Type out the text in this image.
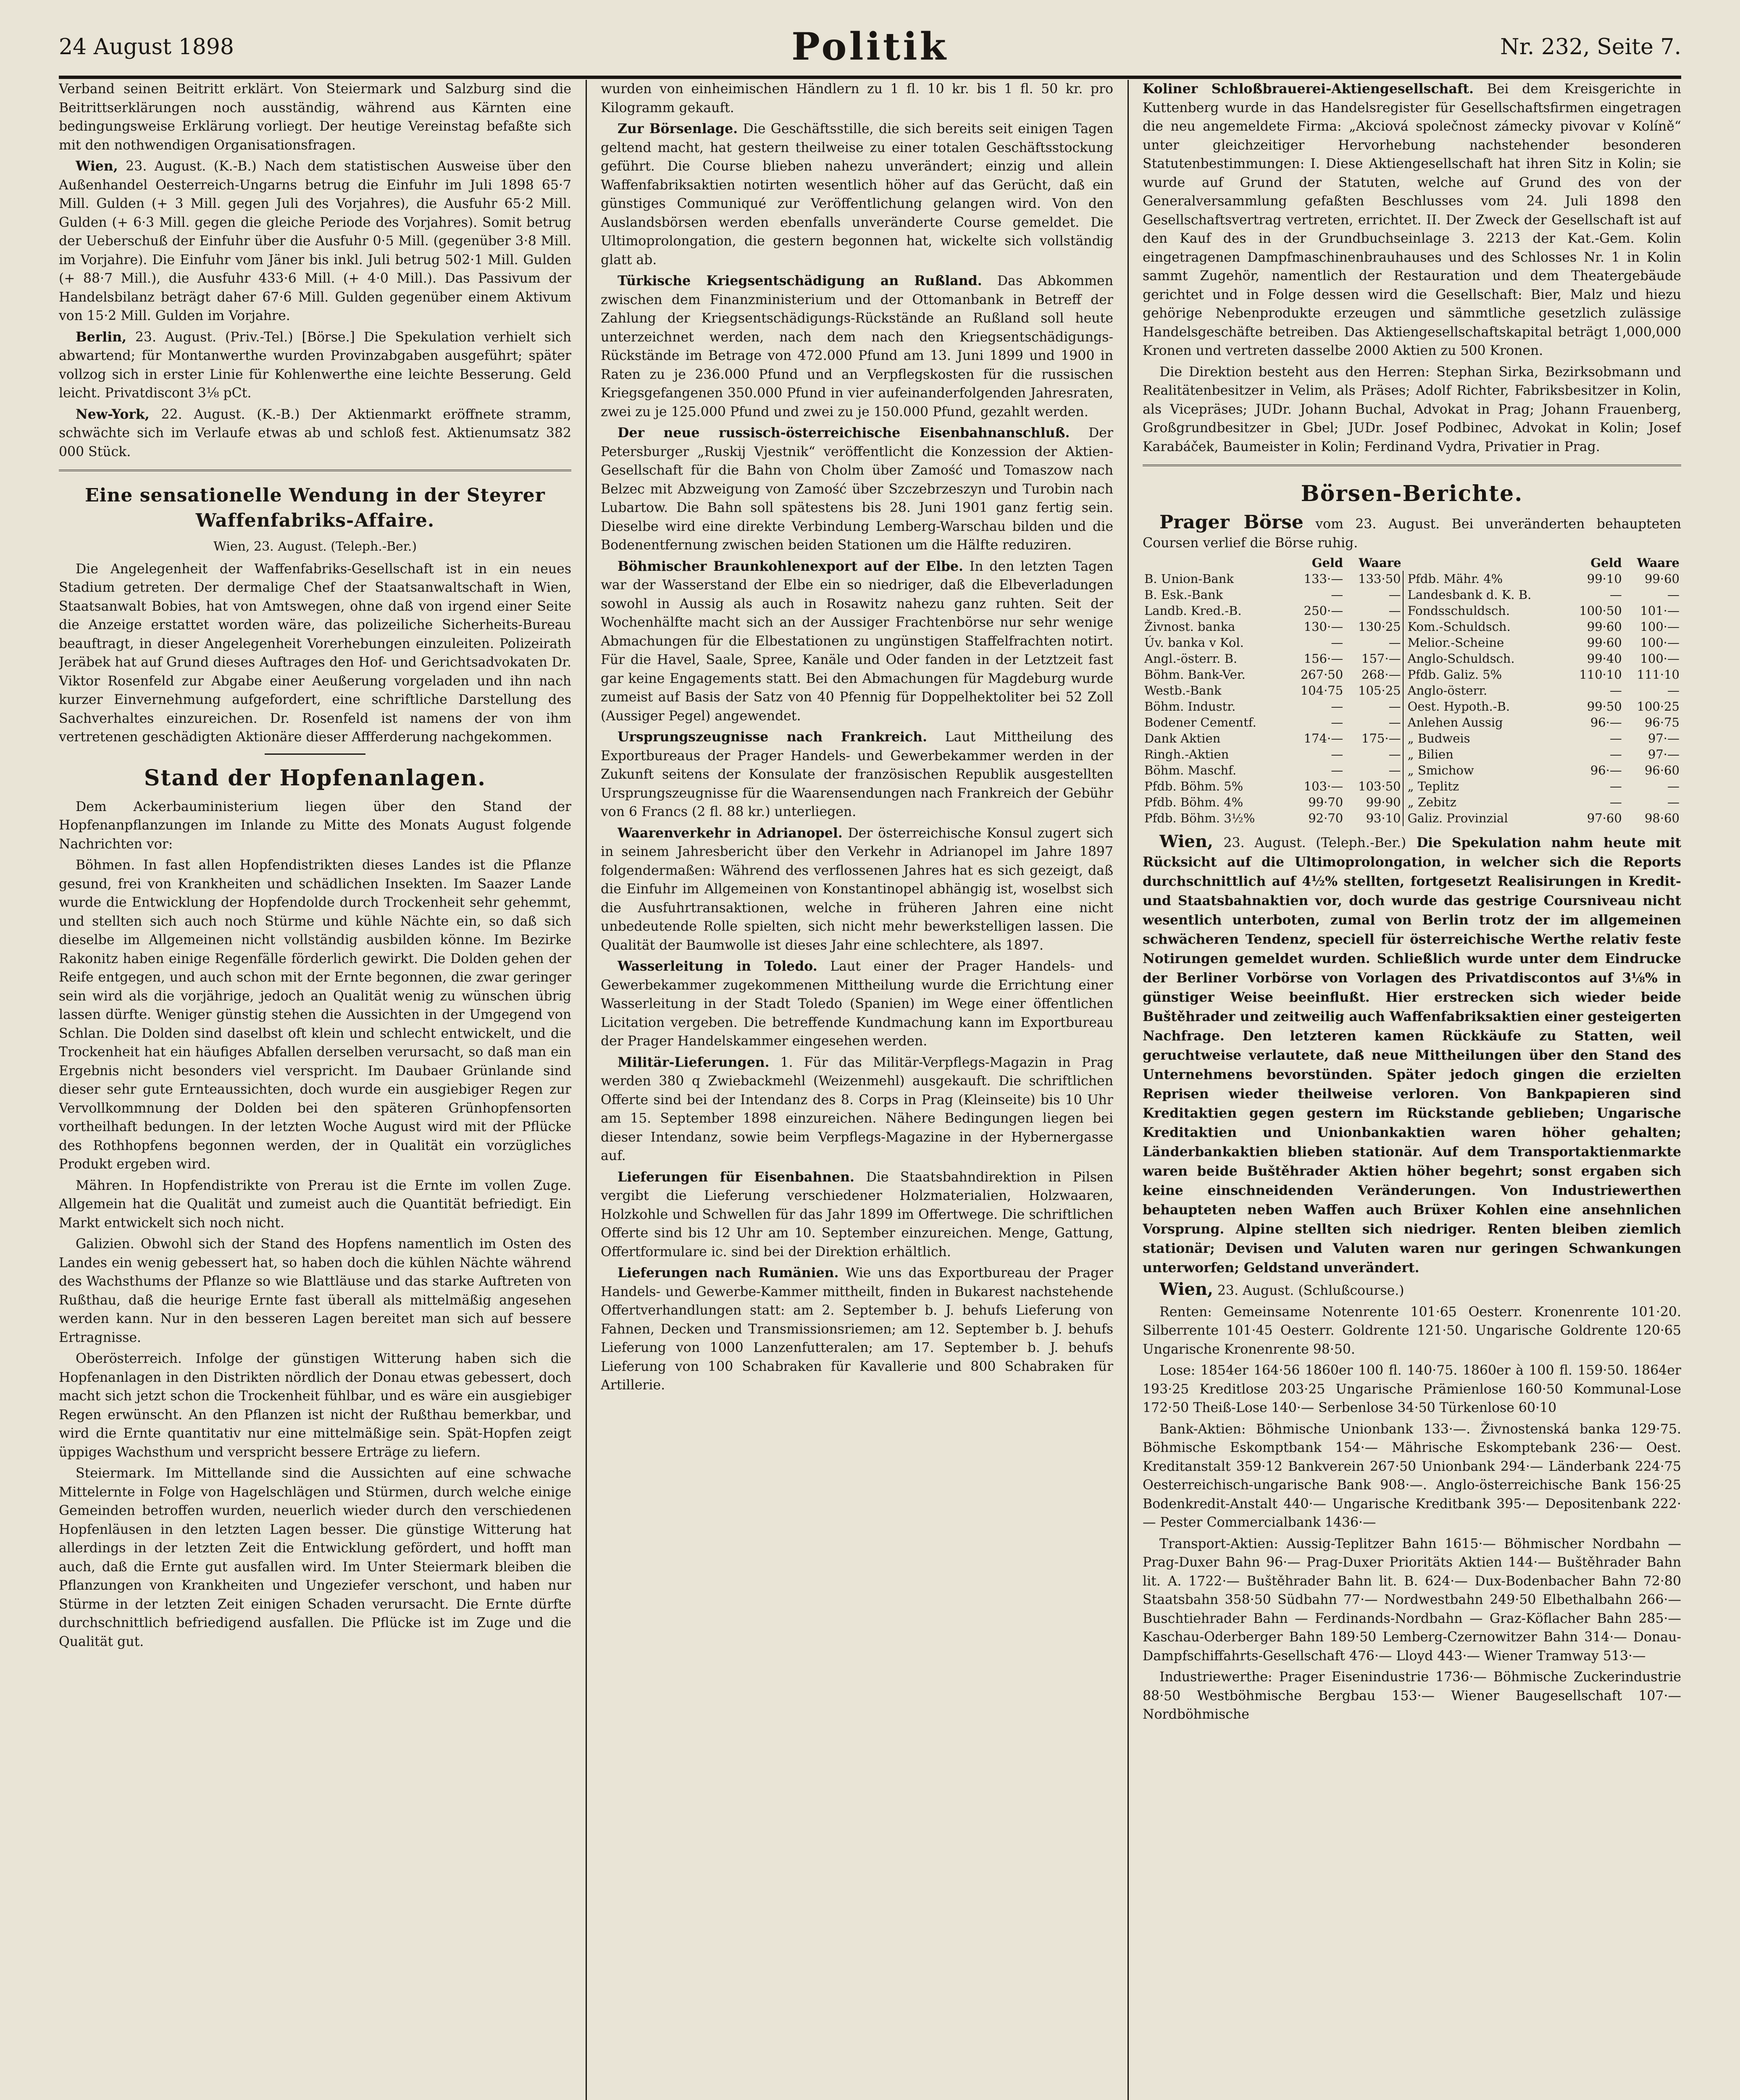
24 August 1898	Politik	Nr. 232, Seite 7.

Verband seinen Beitritt erklärt. Von Steiermark und Salzburg sind die Beitrittserklärungen noch ausständig, während aus Kärnten eine bedingungsweise Erklärung vorliegt. Der heutige Vereinstag befaßte sich mit den nothwendigen Organisationsfragen.

Wien, 23. August. (K.-B.) Nach dem statistischen Ausweise über den Außenhandel Oesterreich-Ungarns betrug die Einfuhr im Juli 1898 65·7 Mill. Gulden (+ 3 Mill. gegen Juli des Vorjahres), die Ausfuhr 65·2 Mill. Gulden (+ 6·3 Mill. gegen die gleiche Periode des Vorjahres). Somit betrug der Ueberschuß der Einfuhr über die Ausfuhr 0·5 Mill. (gegenüber 3·8 Mill. im Vorjahre). Die Einfuhr vom Jäner bis inkl. Juli betrug 502·1 Mill. Gulden (+ 88·7 Mill.), die Ausfuhr 433·6 Mill. (+ 4·0 Mill.). Das Passivum der Handelsbilanz beträgt daher 67·6 Mill. Gulden gegenüber einem Aktivum von 15·2 Mill. Gulden im Vorjahre.

Berlin, 23. August. (Priv.-Tel.) [Börse.] Die Spekulation verhielt sich abwartend; für Montanwerthe wurden Provinzabgaben ausgeführt; später vollzog sich in erster Linie für Kohlenwerthe eine leichte Besserung. Geld leicht. Privatdiscont 3⅛ pCt.

New-York, 22. August. (K.-B.) Der Aktienmarkt eröffnete stramm, schwächte sich im Verlaufe etwas ab und schloß fest. Aktienumsatz 382 000 Stück.

Eine sensationelle Wendung in der Steyrer Waffenfabriks-Affaire.
Wien, 23. August. (Teleph.-Ber.)

Die Angelegenheit der Waffenfabriks-Gesellschaft ist in ein neues Stadium getreten. Der dermalige Chef der Staatsanwaltschaft in Wien, Staatsanwalt Bobies, hat von Amtswegen, ohne daß von irgend einer Seite die Anzeige erstattet worden wäre, das polizeiliche Sicherheits-Bureau beauftragt, in dieser Angelegenheit Vorerhebungen einzuleiten. Polizeirath Jeräbek hat auf Grund dieses Auftrages den Hof- und Gerichtsadvokaten Dr. Viktor Rosenfeld zur Abgabe einer Aeußerung vorgeladen und ihn nach kurzer Einvernehmung aufgefordert, eine schriftliche Darstellung des Sachverhaltes einzureichen. Dr. Rosenfeld ist namens der von ihm vertretenen geschädigten Aktionäre dieser Affferderung nachgekommen.

Stand der Hopfenanlagen.

Dem Ackerbauministerium liegen über den Stand der Hopfenanpflanzungen im Inlande zu Mitte des Monats August folgende Nachrichten vor:

Böhmen. In fast allen Hopfendistrikten dieses Landes ist die Pflanze gesund, frei von Krankheiten und schädlichen Insekten. Im Saazer Lande wurde die Entwicklung der Hopfendolde durch Trockenheit sehr gehemmt, und stellten sich auch noch Stürme und kühle Nächte ein, so daß sich dieselbe im Allgemeinen nicht vollständig ausbilden könne. Im Bezirke Rakonitz haben einige Regenfälle förderlich gewirkt. Die Dolden gehen der Reife entgegen, und auch schon mit der Ernte begonnen, die zwar geringer sein wird als die vorjährige, jedoch an Qualität wenig zu wünschen übrig lassen dürfte. Weniger günstig stehen die Aussichten in der Umgegend von Schlan. Die Dolden sind daselbst oft klein und schlecht entwickelt, und die Trockenheit hat ein häufiges Abfallen derselben verursacht, so daß man ein Ergebnis nicht besonders viel verspricht. Im Daubaer Grünlande sind dieser sehr gute Ernteaussichten, doch wurde ein ausgiebiger Regen zur Vervollkommnung der Dolden bei den späteren Grünhopfensorten vortheilhaft bedungen. In der letzten Woche August wird mit der Pflücke des Rothhopfens begonnen werden, der in Qualität ein vorzügliches Produkt ergeben wird.

Mähren. In Hopfendistrikte von Prerau ist die Ernte im vollen Zuge. Allgemein hat die Qualität und zumeist auch die Quantität befriedigt. Ein Markt entwickelt sich noch nicht.

Galizien. Obwohl sich der Stand des Hopfens namentlich im Osten des Landes ein wenig gebessert hat, so haben doch die kühlen Nächte während des Wachsthums der Pflanze so wie Blattläuse und das starke Auftreten von Rußthau, daß die heurige Ernte fast überall als mittelmäßig angesehen werden kann. Nur in den besseren Lagen bereitet man sich auf bessere Ertragnisse.

Oberösterreich. Infolge der günstigen Witterung haben sich die Hopfenanlagen in den Distrikten nördlich der Donau etwas gebessert, doch macht sich jetzt schon die Trockenheit fühlbar, und es wäre ein ausgiebiger Regen erwünscht. An den Pflanzen ist nicht der Rußthau bemerkbar, und wird die Ernte quantitativ nur eine mittelmäßige sein. Spät-Hopfen zeigt üppiges Wachsthum und verspricht bessere Erträge zu liefern.

Steiermark. Im Mittellande sind die Aussichten auf eine schwache Mittelernte in Folge von Hagelschlägen und Stürmen, durch welche einige Gemeinden betroffen wurden, neuerlich wieder durch den verschiedenen Hopfenläusen in den letzten Lagen besser. Die günstige Witterung hat allerdings in der letzten Zeit die Entwicklung gefördert, und hofft man auch, daß die Ernte gut ausfallen wird. Im Unter Steiermark bleiben die Pflanzungen von Krankheiten und Ungeziefer verschont, und haben nur Stürme in der letzten Zeit einigen Schaden verursacht. Die Ernte dürfte durchschnittlich befriedigend ausfallen. Die Pflücke ist im Zuge und die Qualität gut.

wurden von einheimischen Händlern zu 1 fl. 10 kr. bis 1 fl. 50 kr. pro Kilogramm gekauft.

Zur Börsenlage. Die Geschäftsstille, die sich bereits seit einigen Tagen geltend macht, hat gestern theilweise zu einer totalen Geschäftsstockung geführt. Die Course blieben nahezu unverändert; einzig und allein Waffenfabriksaktien notirten wesentlich höher auf das Gerücht, daß ein günstiges Communiqué zur Veröffentlichung gelangen wird. Von den Auslandsbörsen werden ebenfalls unveränderte Course gemeldet. Die Ultimoprolongation, die gestern begonnen hat, wickelte sich vollständig glatt ab.

Türkische Kriegsentschädigung an Rußland. Das Abkommen zwischen dem Finanzministerium und der Ottomanbank in Betreff der Zahlung der Kriegsentschädigungs-Rückstände an Rußland soll heute unterzeichnet werden, nach dem nach den Kriegsentschädigungs-Rückstände im Betrage von 472.000 Pfund am 13. Juni 1899 und 1900 in Raten zu je 236.000 Pfund und an Verpflegskosten für die russischen Kriegsgefangenen 350.000 Pfund in vier aufeinanderfolgenden Jahresraten, zwei zu je 125.000 Pfund und zwei zu je 150.000 Pfund, gezahlt werden.

Der neue russisch-österreichische Eisenbahnanschluß. Der Petersburger „Ruskij Vjestnik“ veröffentlicht die Konzession der Aktien-Gesellschaft für die Bahn von Cholm über Zamość und Tomaszow nach Belzec mit Abzweigung von Zamość über Szczebrzeszyn und Turobin nach Lubartow. Die Bahn soll spätestens bis 28. Juni 1901 ganz fertig sein. Dieselbe wird eine direkte Verbindung Lemberg-Warschau bilden und die Bodenentfernung zwischen beiden Stationen um die Hälfte reduziren.

Böhmischer Braunkohlenexport auf der Elbe. In den letzten Tagen war der Wasserstand der Elbe ein so niedriger, daß die Elbeverladungen sowohl in Aussig als auch in Rosawitz nahezu ganz ruhten. Seit der Wochenhälfte macht sich an der Aussiger Frachtenbörse nur sehr wenige Abmachungen für die Elbestationen zu ungünstigen Staffelfrachten notirt. Für die Havel, Saale, Spree, Kanäle und Oder fanden in der Letztzeit fast gar keine Engagements statt. Bei den Abmachungen für Magdeburg wurde zumeist auf Basis der Satz von 40 Pfennig für Doppelhektoliter bei 52 Zoll (Aussiger Pegel) angewendet.

Ursprungszeugnisse nach Frankreich. Laut Mittheilung des Exportbureaus der Prager Handels- und Gewerbekammer werden in der Zukunft seitens der Konsulate der französischen Republik ausgestellten Ursprungszeugnisse für die Waarensendungen nach Frankreich der Gebühr von 6 Francs (2 fl. 88 kr.) unterliegen.

Waarenverkehr in Adrianopel. Der österreichische Konsul zugert sich in seinem Jahresbericht über den Verkehr in Adrianopel im Jahre 1897 folgendermaßen: Während des verflossenen Jahres hat es sich gezeigt, daß die Einfuhr im Allgemeinen von Konstantinopel abhängig ist, woselbst sich die Ausfuhrtransaktionen, welche in früheren Jahren eine nicht unbedeutende Rolle spielten, sich nicht mehr bewerkstelligen lassen. Die Qualität der Baumwolle ist dieses Jahr eine schlechtere, als 1897.

Wasserleitung in Toledo. Laut einer der Prager Handels- und Gewerbekammer zugekommenen Mittheilung wurde die Errichtung einer Wasserleitung in der Stadt Toledo (Spanien) im Wege einer öffentlichen Licitation vergeben. Die betreffende Kundmachung kann im Exportbureau der Prager Handelskammer eingesehen werden.

Militär-Lieferungen. 1. Für das Militär-Verpflegs-Magazin in Prag werden 380 q Zwiebackmehl (Weizenmehl) ausgekauft. Die schriftlichen Offerte sind bei der Intendanz des 8. Corps in Prag (Kleinseite) bis 10 Uhr am 15. September 1898 einzureichen. Nähere Bedingungen liegen bei dieser Intendanz, sowie beim Verpflegs-Magazine in der Hybernergasse auf.

Lieferungen für Eisenbahnen. Die Staatsbahndirektion in Pilsen vergibt die Lieferung verschiedener Holzmaterialien, Holzwaaren, Holzkohle und Schwellen für das Jahr 1899 im Offertwege. Die schriftlichen Offerte sind bis 12 Uhr am 10. September einzureichen. Menge, Gattung, Offertformulare ic. sind bei der Direktion erhältlich.

Lieferungen nach Rumänien. Wie uns das Exportbureau der Prager Handels- und Gewerbe-Kammer mittheilt, finden in Bukarest nachstehende Offertverhandlungen statt: am 2. September b. J. behufs Lieferung von Fahnen, Decken und Transmissionsriemen; am 12. September b. J. behufs Lieferung von 1000 Lanzenfutteralen; am 17. September b. J. behufs Lieferung von 100 Schabraken für Kavallerie und 800 Schabraken für Artillerie.

Koliner Schloßbrauerei-Aktiengesellschaft. Bei dem Kreisgerichte in Kuttenberg wurde in das Handelsregister für Gesellschaftsfirmen eingetragen die neu angemeldete Firma: „Akciová společnost zámecky pivovar v Kolíně“ unter gleichzeitiger Hervorhebung nachstehender besonderen Statutenbestimmungen: I. Diese Aktiengesellschaft hat ihren Sitz in Kolin; sie wurde auf Grund der Statuten, welche auf Grund des von der Generalversammlung gefaßten Beschlusses vom 24. Juli 1898 den Gesellschaftsvertrag vertreten, errichtet. II. Der Zweck der Gesellschaft ist auf den Kauf des in der Grundbuchseinlage 3. 2213 der Kat.-Gem. Kolin eingetragenen Dampfmaschinenbrauhauses und des Schlosses Nr. 1 in Kolin sammt Zugehör, namentlich der Restauration und dem Theatergebäude gerichtet und in Folge dessen wird die Gesellschaft: Bier, Malz und hiezu gehörige Nebenprodukte erzeugen und sämmtliche gesetzlich zulässige Handelsgeschäfte betreiben. Das Aktiengesellschaftskapital beträgt 1,000,000 Kronen und vertreten dasselbe 2000 Aktien zu 500 Kronen.

Die Direktion besteht aus den Herren: Stephan Sirka, Bezirksobmann und Realitätenbesitzer in Velim, als Präses; Adolf Richter, Fabriksbesitzer in Kolin, als Vicepräses; JUDr. Johann Buchal, Advokat in Prag; Johann Frauenberg, Großgrundbesitzer in Gbel; JUDr. Josef Podbinec, Advokat in Kolin; Josef Karabáček, Baumeister in Kolin; Ferdinand Vydra, Privatier in Prag.

Börsen-Berichte.

Prager Börse vom 23. August. Bei unveränderten behaupteten Coursen verlief die Börse ruhig.

	Geld	Waare		Geld	Waare
B. Union-Bank	133·—	133·50	Pfdb. Mähr. 4%	99·10	99·60
B. Esk.-Bank	—	—	Landesbank d. K. B.	—	—
Landb. Kred.-B.	250·—	—	Fondsschuldsch.	100·50	101·—
Živnost. banka	130·—	130·25	Kom.-Schuldsch.	99·60	100·—
Úv. banka v Kol.	—	—	Melior.-Scheine	99·60	100·—
Angl.-österr. B.	156·—	157·—	Anglo-Schuldsch.	99·40	100·—
Böhm. Bank-Ver.	267·50	268·—	Pfdb. Galiz. 5%	110·10	111·10
Westb.-Bank	104·75	105·25	Anglo-österr.	—	—
Böhm. Industr.	—	—	Oest. Hypoth.-B.	99·50	100·25
Bodener Cementf.	—	—	Anlehen Aussig	96·—	96·75
Dank Aktien	174·—	175·—	„ Budweis	—	97·—
Ringh.-Aktien	—	—	„ Bilien	—	97·—
Böhm. Maschf.	—	—	„ Smichow	96·—	96·60
Pfdb. Böhm. 5%	103·—	103·50	„ Teplitz	—	—
Pfdb. Böhm. 4%	99·70	99·90	„ Zebitz	—	—
Pfdb. Böhm. 3½%	92·70	93·10	Galiz. Provinzial	97·60	98·60

Wien, 23. August. (Teleph.-Ber.) Die Spekulation nahm heute mit Rücksicht auf die Ultimoprolongation, in welcher sich die Reports durchschnittlich auf 4½% stellten, fortgesetzt Realisirungen in Kredit- und Staatsbahnaktien vor, doch wurde das gestrige Coursniveau nicht wesentlich unterboten, zumal von Berlin trotz der im allgemeinen schwächeren Tendenz, speciell für österreichische Werthe relativ feste Notirungen gemeldet wurden. Schließlich wurde unter dem Eindrucke der Berliner Vorbörse von Vorlagen des Privatdiscontos auf 3⅛% in günstiger Weise beeinflußt. Hier erstrecken sich wieder beide Buštěhrader und zeitweilig auch Waffenfabriksaktien einer gesteigerten Nachfrage. Den letzteren kamen Rückkäufe zu Statten, weil geruchtweise verlautete, daß neue Mittheilungen über den Stand des Unternehmens bevorstünden. Später jedoch gingen die erzielten Reprisen wieder theilweise verloren. Von Bankpapieren sind Kreditaktien gegen gestern im Rückstande geblieben; Ungarische Kreditaktien und Unionbankaktien waren höher gehalten; Länderbankaktien blieben stationär. Auf dem Transportaktienmarkte waren beide Buštěhrader Aktien höher begehrt; sonst ergaben sich keine einschneidenden Veränderungen. Von Industriewerthen behaupteten neben Waffen auch Brüxer Kohlen eine ansehnlichen Vorsprung. Alpine stellten sich niedriger. Renten bleiben ziemlich stationär; Devisen und Valuten waren nur geringen Schwankungen unterworfen; Geldstand unverändert.

Wien, 23. August. (Schlußcourse.)

Renten: Gemeinsame Notenrente 101·65 Oesterr. Kronenrente 101·20. Silberrente 101·45 Oesterr. Goldrente 121·50. Ungarische Goldrente 120·65 Ungarische Kronenrente 98·50.

Lose: 1854er 164·56 1860er 100 fl. 140·75. 1860er à 100 fl. 159·50. 1864er 193·25 Kreditlose 203·25 Ungarische Prämienlose 160·50 Kommunal-Lose 172·50 Theiß-Lose 140·— Serbenlose 34·50 Türkenlose 60·10

Bank-Aktien: Böhmische Unionbank 133·—. Živnostenská banka 129·75. Böhmische Eskomptbank 154·— Mährische Eskomptebank 236·— Oest. Kreditanstalt 359·12 Bankverein 267·50 Unionbank 294·— Länderbank 224·75 Oesterreichisch-ungarische Bank 908·—. Anglo-österreichische Bank 156·25 Bodenkredit-Anstalt 440·— Ungarische Kreditbank 395·— Depositenbank 222·— Pester Commercialbank 1436·—

Transport-Aktien: Aussig-Teplitzer Bahn 1615·— Böhmischer Nordbahn — Prag-Duxer Bahn 96·— Prag-Duxer Prioritäts Aktien 144·— Buštěhrader Bahn lit. A. 1722·— Buštěhrader Bahn lit. B. 624·— Dux-Bodenbacher Bahn 72·80 Staatsbahn 358·50 Südbahn 77·— Nordwestbahn 249·50 Elbethalbahn 266·— Buschtiehrader Bahn — Ferdinands-Nordbahn — Graz-Köflacher Bahn 285·— Kaschau-Oderberger Bahn 189·50 Lemberg-Czernowitzer Bahn 314·— Donau-Dampfschiffahrts-Gesellschaft 476·— Lloyd 443·— Wiener Tramway 513·—

Industriewerthe: Prager Eisenindustrie 1736·— Böhmische Zuckerindustrie 88·50 Westböhmische Bergbau 153·— Wiener Baugesellschaft 107·— Nordböhmische
